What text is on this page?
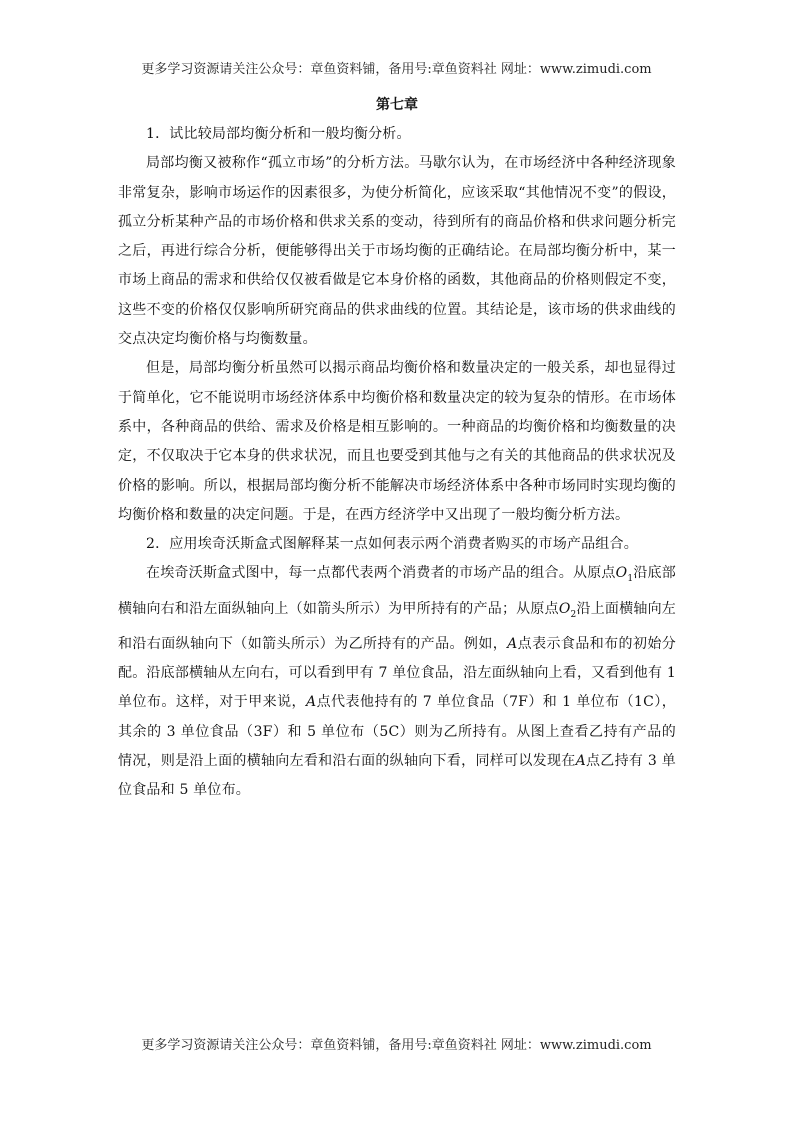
更多学习资源请关注公众号：章鱼资料铺，备用号:章鱼资料社 网址：www.zimudi.com
第七章

1．试比较局部均衡分析和一般均衡分析。

局部均衡又被称作“孤立市场”的分析方法。马歇尔认为，在市场经济中各种经济现象非常复杂，影响市场运作的因素很多，为使分析简化，应该采取“其他情况不变”的假设，孤立分析某种产品的市场价格和供求关系的变动，待到所有的商品价格和供求问题分析完之后，再进行综合分析，便能够得出关于市场均衡的正确结论。在局部均衡分析中，某一市场上商品的需求和供给仅仅被看做是它本身价格的函数，其他商品的价格则假定不变，这些不变的价格仅仅影响所研究商品的供求曲线的位置。其结论是，该市场的供求曲线的交点决定均衡价格与均衡数量。

但是，局部均衡分析虽然可以揭示商品均衡价格和数量决定的一般关系，却也显得过于简单化，它不能说明市场经济体系中均衡价格和数量决定的较为复杂的情形。在市场体系中，各种商品的供给、需求及价格是相互影响的。一种商品的均衡价格和均衡数量的决定，不仅取决于它本身的供求状况，而且也要受到其他与之有关的其他商品的供求状况及价格的影响。所以，根据局部均衡分析不能解决市场经济体系中各种市场同时实现均衡的均衡价格和数量的决定问题。于是，在西方经济学中又出现了一般均衡分析方法。

2．应用埃奇沃斯盒式图解释某一点如何表示两个消费者购买的市场产品组合。

在埃奇沃斯盒式图中，每一点都代表两个消费者的市场产品的组合。从原点$O_1$沿底部横轴向右和沿左面纵轴向上（如箭头所示）为甲所持有的产品；从原点$O_2$沿上面横轴向左和沿右面纵轴向下（如箭头所示）为乙所持有的产品。例如，A点表示食品和布的初始分配。沿底部横轴从左向右，可以看到甲有 7 单位食品，沿左面纵轴向上看，又看到他有 1 单位布。这样，对于甲来说，A点代表他持有的 7 单位食品（7F）和 1 单位布（1C），其余的 3 单位食品（3F）和 5 单位布（5C）则为乙所持有。从图上查看乙持有产品的情况，则是沿上面的横轴向左看和沿右面的纵轴向下看，同样可以发现在A点乙持有 3 单位食品和 5 单位布。

更多学习资源请关注公众号：章鱼资料铺，备用号:章鱼资料社 网址：www.zimudi.com
